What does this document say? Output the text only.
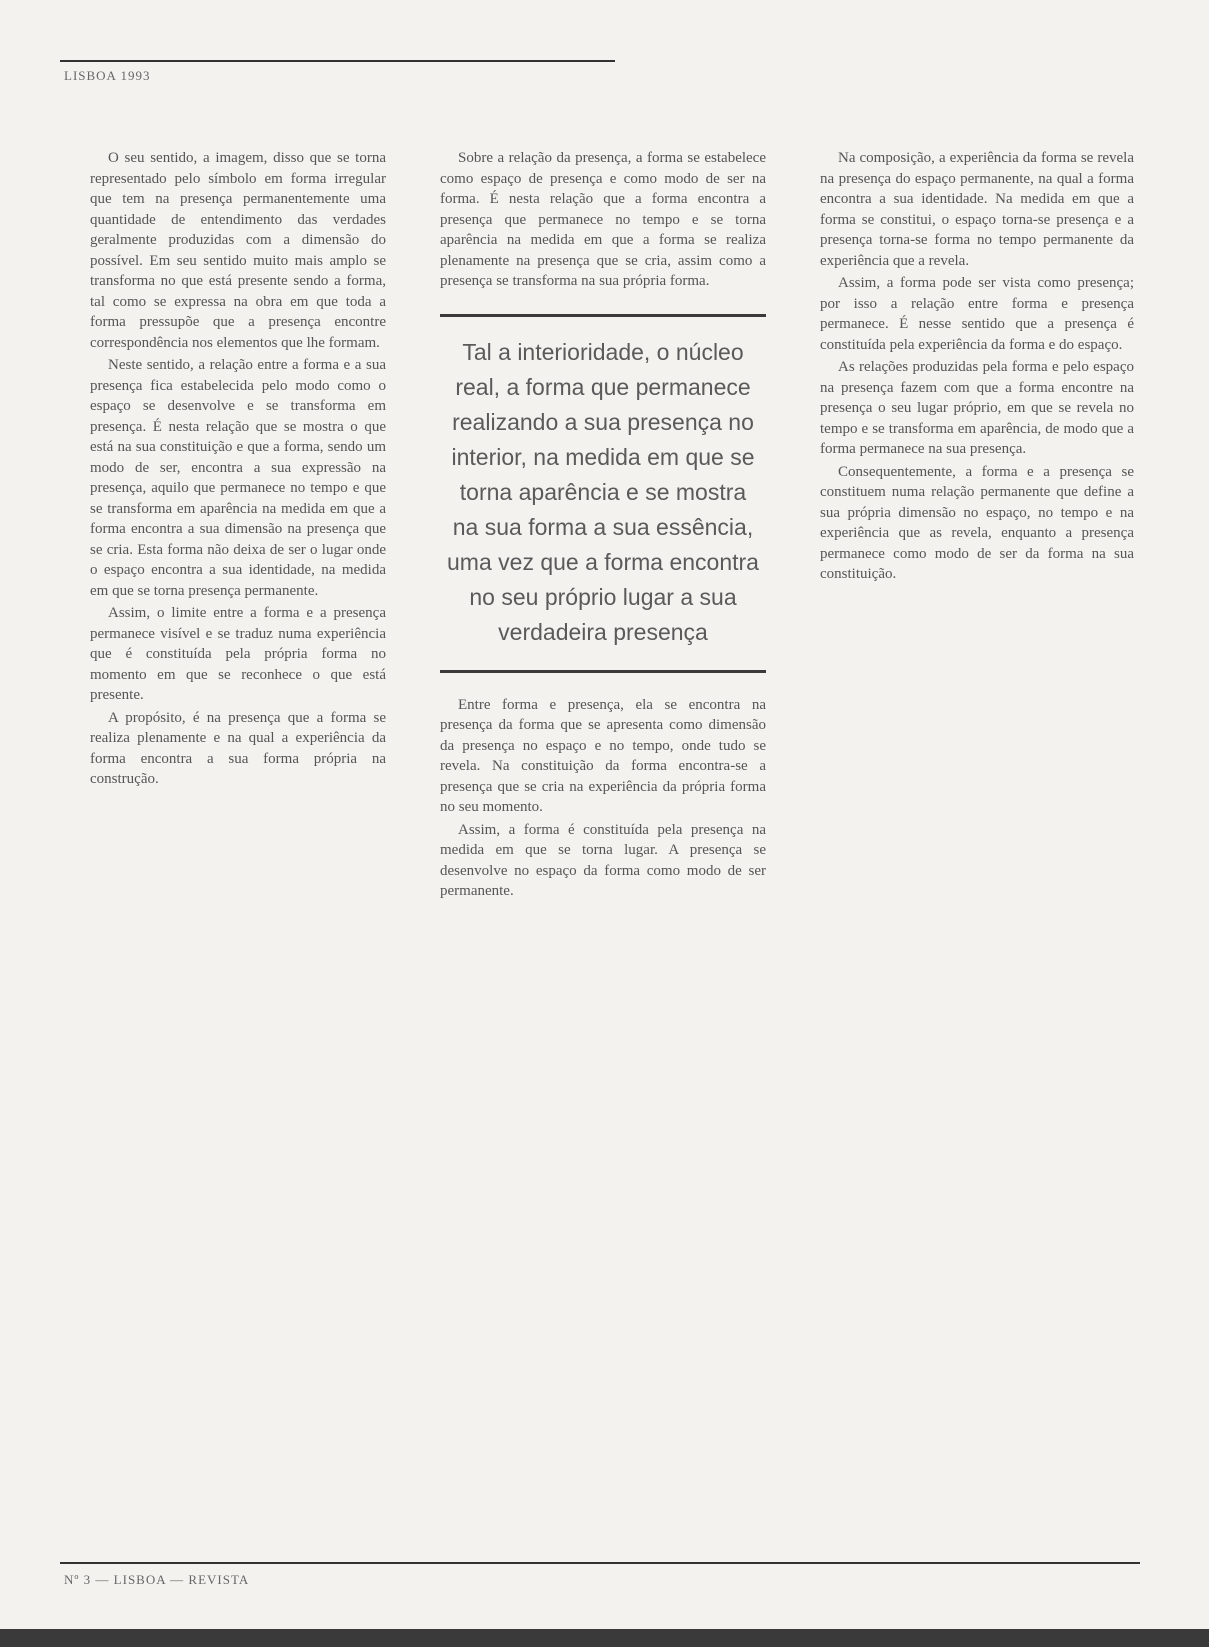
LISBOA 1993

O seu sentido, a imagem, disso que se torna representado pelo símbolo em forma irregular que tem na presença permanentemente uma quantidade de entendimento das verdades geralmente produzidas com a dimensão do possível. Em seu sentido muito mais amplo se transforma no que está presente sendo a forma, tal como se expressa na obra em que toda a forma pressupõe que a presença encontre correspondência nos elementos que lhe formam.

Neste sentido, a relação entre a forma e a sua presença fica estabelecida pelo modo como o espaço se desenvolve e se transforma em presença. É nesta relação que se mostra o que está na sua constituição e que a forma, sendo um modo de ser, encontra a sua expressão na presença, aquilo que permanece no tempo e que se transforma em aparência na medida em que a forma encontra a sua dimensão na presença que se cria. Esta forma não deixa de ser o lugar onde o espaço encontra a sua identidade, na medida em que se torna presença permanente.

Assim, o limite entre a forma e a presença permanece visível e se traduz numa experiência que é constituída pela própria forma no momento em que se reconhece o que está presente.

A propósito, é na presença que a forma se realiza plenamente e na qual a experiência da forma encontra a sua forma própria na construção.

Sobre a relação da presença, a forma se estabelece como espaço de presença e como modo de ser na forma. É nesta relação que a forma encontra a presença que permanece no tempo e se torna aparência na medida em que a forma se realiza plenamente na presença que se cria, assim como a presença se transforma na sua própria forma.

Tal a interioridade, o núcleo real, a forma que permanece realizando a sua presença no interior, na medida em que se torna aparência e se mostra na sua forma a sua essência, uma vez que a forma encontra no seu próprio lugar a sua verdadeira presença

Entre forma e presença, ela se encontra na presença da forma que se apresenta como dimensão da presença no espaço e no tempo, onde tudo se revela. Na constituição da forma encontra-se a presença que se cria na experiência da própria forma no seu momento.

Assim, a forma é constituída pela presença na medida em que se torna lugar. A presença se desenvolve no espaço da forma como modo de ser permanente.

Na composição, a experiência da forma se revela na presença do espaço permanente, na qual a forma encontra a sua identidade. Na medida em que a forma se constitui, o espaço torna-se presença e a presença torna-se forma no tempo permanente da experiência que a revela.

Assim, a forma pode ser vista como presença; por isso a relação entre forma e presença permanece. É nesse sentido que a presença é constituída pela experiência da forma e do espaço.

As relações produzidas pela forma e pelo espaço na presença fazem com que a forma encontre na presença o seu lugar próprio, em que se revela no tempo e se transforma em aparência, de modo que a forma permanece na sua presença.

Consequentemente, a forma e a presença se constituem numa relação permanente que define a sua própria dimensão no espaço, no tempo e na experiência que as revela, enquanto a presença permanece como modo de ser da forma na sua constituição.

Nº 3 — LISBOA — REVISTA
